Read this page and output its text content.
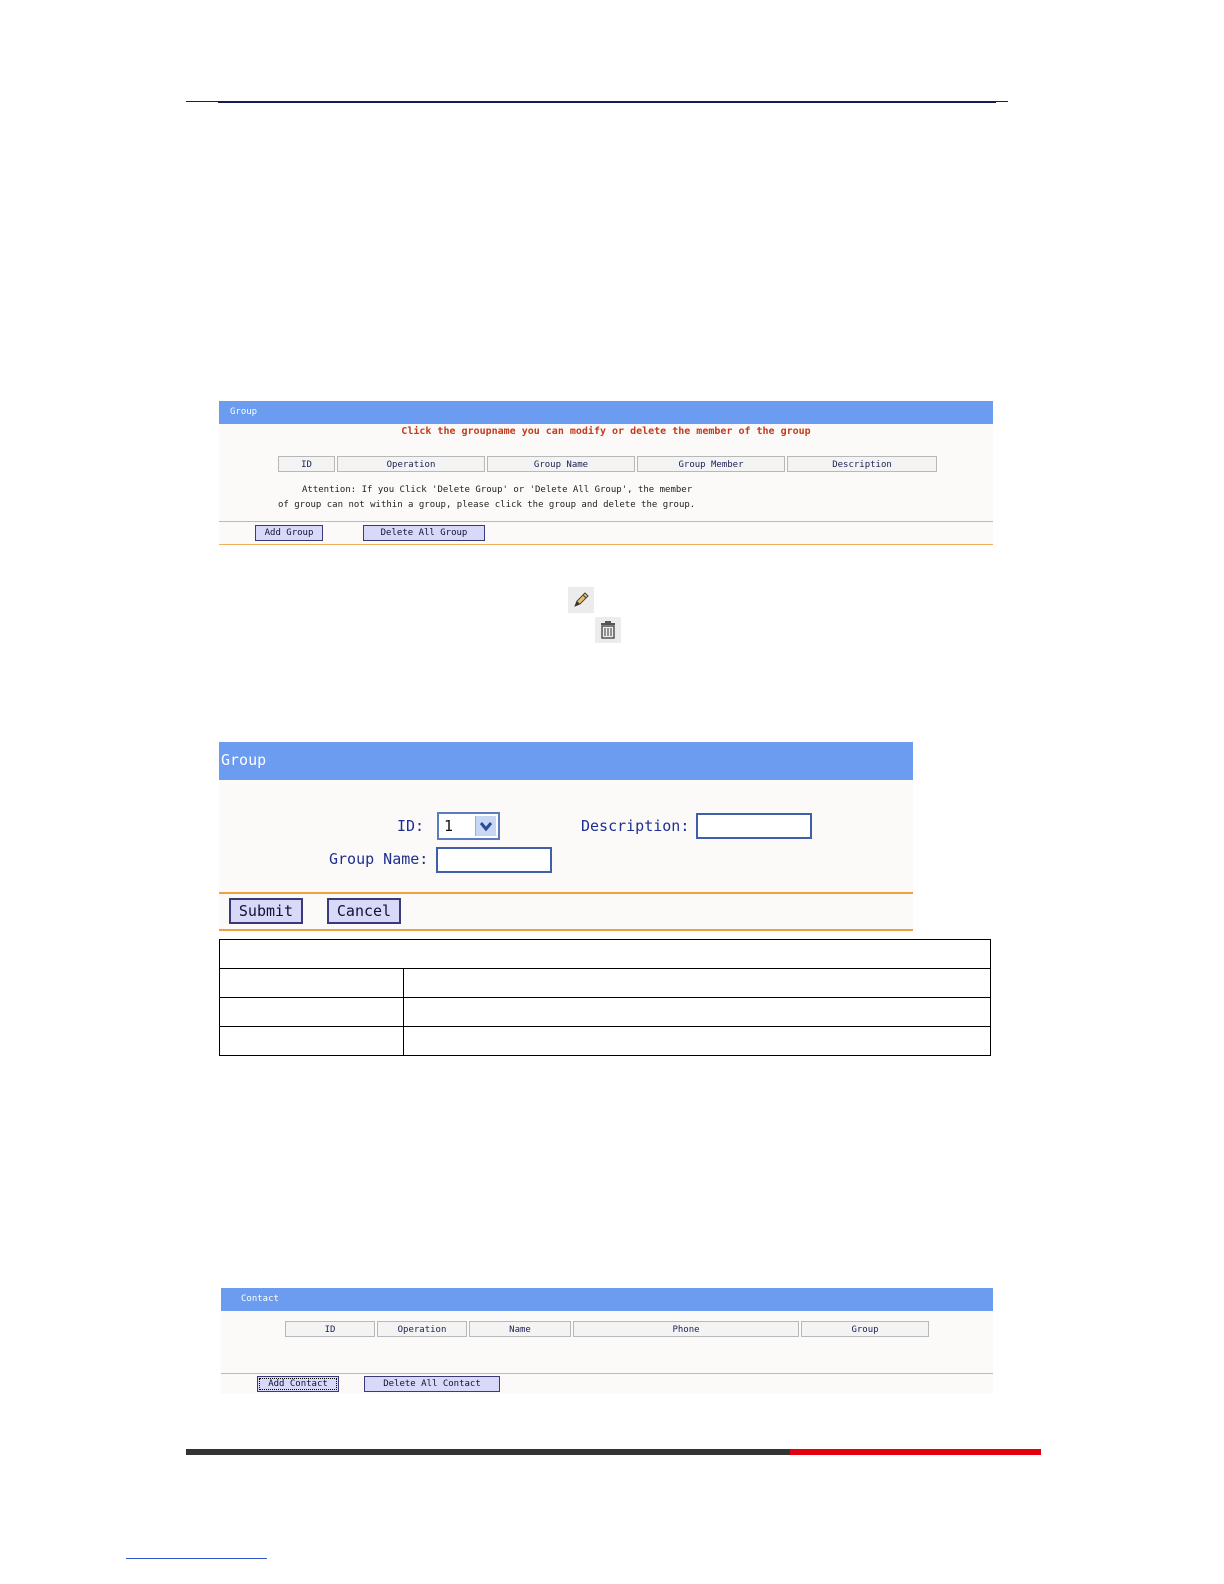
Group
Click the groupname you can modify or delete the member of the group
ID	Operation	Group Name	Group Member	Description
Attention: If you Click 'Delete Group' or 'Delete All Group', the member
of group can not within a group, please click the group and delete the group.
Add Group	Delete All Group
Group
ID: 1	Description:
Group Name:
Submit	Cancel

Contact
ID	Operation	Name	Phone	Group
Add Contact	Delete All Contact
